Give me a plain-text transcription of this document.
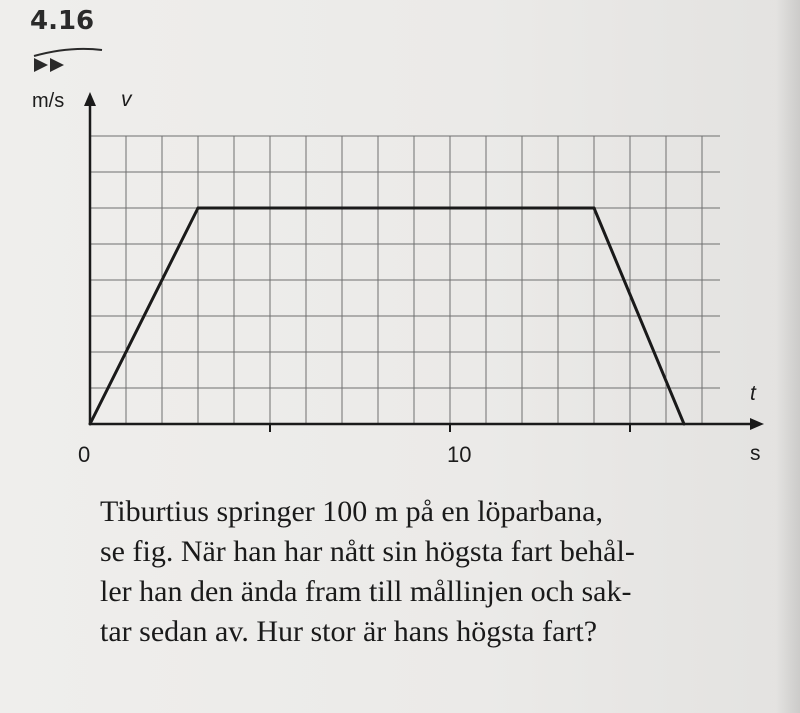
4.16
m/s	v
t
s
0	10
Tiburtius springer 100 m på en löparbana,
se fig. När han har nått sin högsta fart behål-
ler han den ända fram till mållinjen och sak-
tar sedan av. Hur stor är hans högsta fart?
